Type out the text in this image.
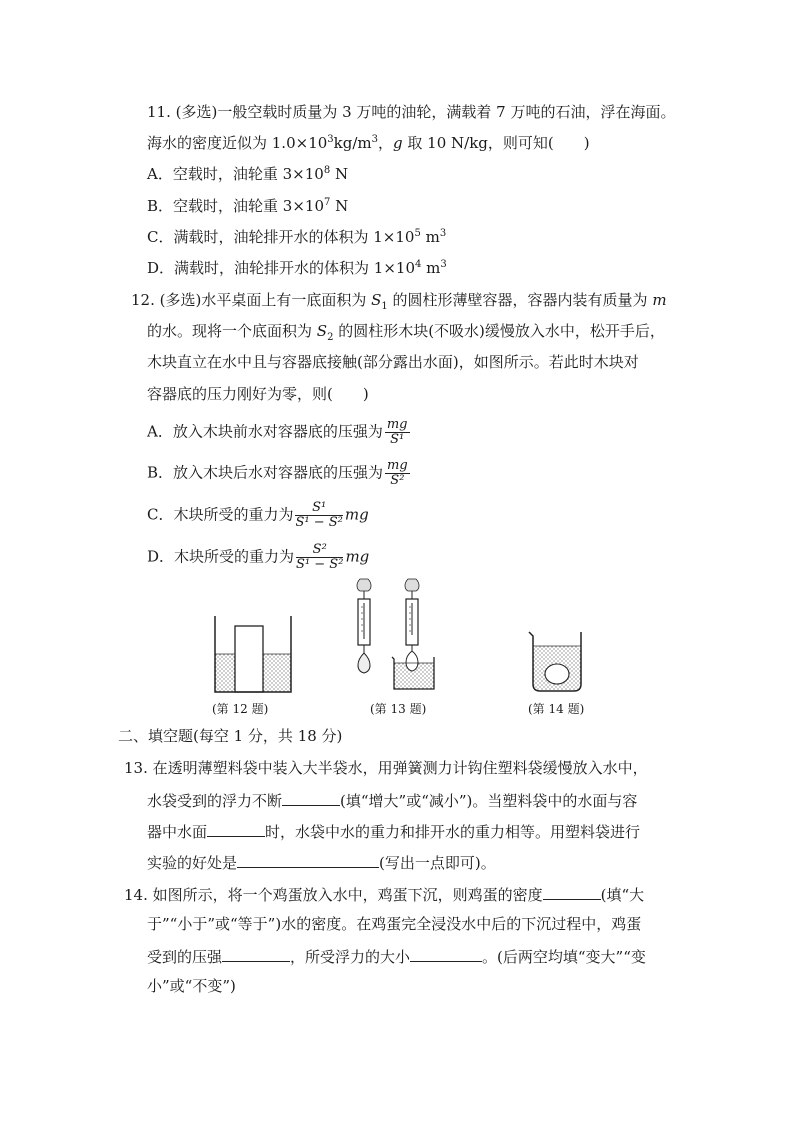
11. (多选)一般空载时质量为 3 万吨的油轮，满载着 7 万吨的石油，浮在海面。
海水的密度近似为 $1.0\times 10^3kg/m^3$，g 取 10 N/kg，则可知(　　)
A．空载时，油轮重 $3\times 10^8$ N
B．空载时，油轮重 $3\times 10^7$ N
C．满载时，油轮排开水的体积为 $1\times 10^5$ $m^3$
D．满载时，油轮排开水的体积为 $1\times 10^4$ $m^3$
12. (多选)水平桌面上有一底面积为 $S_1$ 的圆柱形薄壁容器，容器内装有质量为 m
的水。现将一个底面积为 $S_2$ 的圆柱形木块(不吸水)缓慢放入水中，松开手后，
木块直立在水中且与容器底接触(部分露出水面)，如图所示。若此时木块对
容器底的压力刚好为零，则(　　)
A．放入木块前水对容器底的压强为 $\frac{mg}{\text{S¹}}$
B．放入木块后水对容器底的压强为 $\frac{mg}{\text{S²}}$
C．木块所受的重力为 $\frac{\text{S¹}}{\text{S¹ − S²}}$ mg
D．木块所受的重力为 $\frac{\text{S²}}{\text{S¹ − S²}}$ mg
(第 12 题)	(第 13 题)	(第 14 题)
二、填空题(每空 1 分，共 18 分)
13. 在透明薄塑料袋中装入大半袋水，用弹簧测力计钩住塑料袋缓慢放入水中，
水袋受到的浮力不断	(填“增大”或“减小”)。当塑料袋中的水面与容
器中水面	时，水袋中水的重力和排开水的重力相等。用塑料袋进行
实验的好处是	(写出一点即可)。
14. 如图所示，将一个鸡蛋放入水中，鸡蛋下沉，则鸡蛋的密度	(填“大
于”“小于”或“等于”)水的密度。在鸡蛋完全浸没水中后的下沉过程中，鸡蛋
受到的压强	，所受浮力的大小	。(后两空均填“变大”“变
小”或“不变”)
